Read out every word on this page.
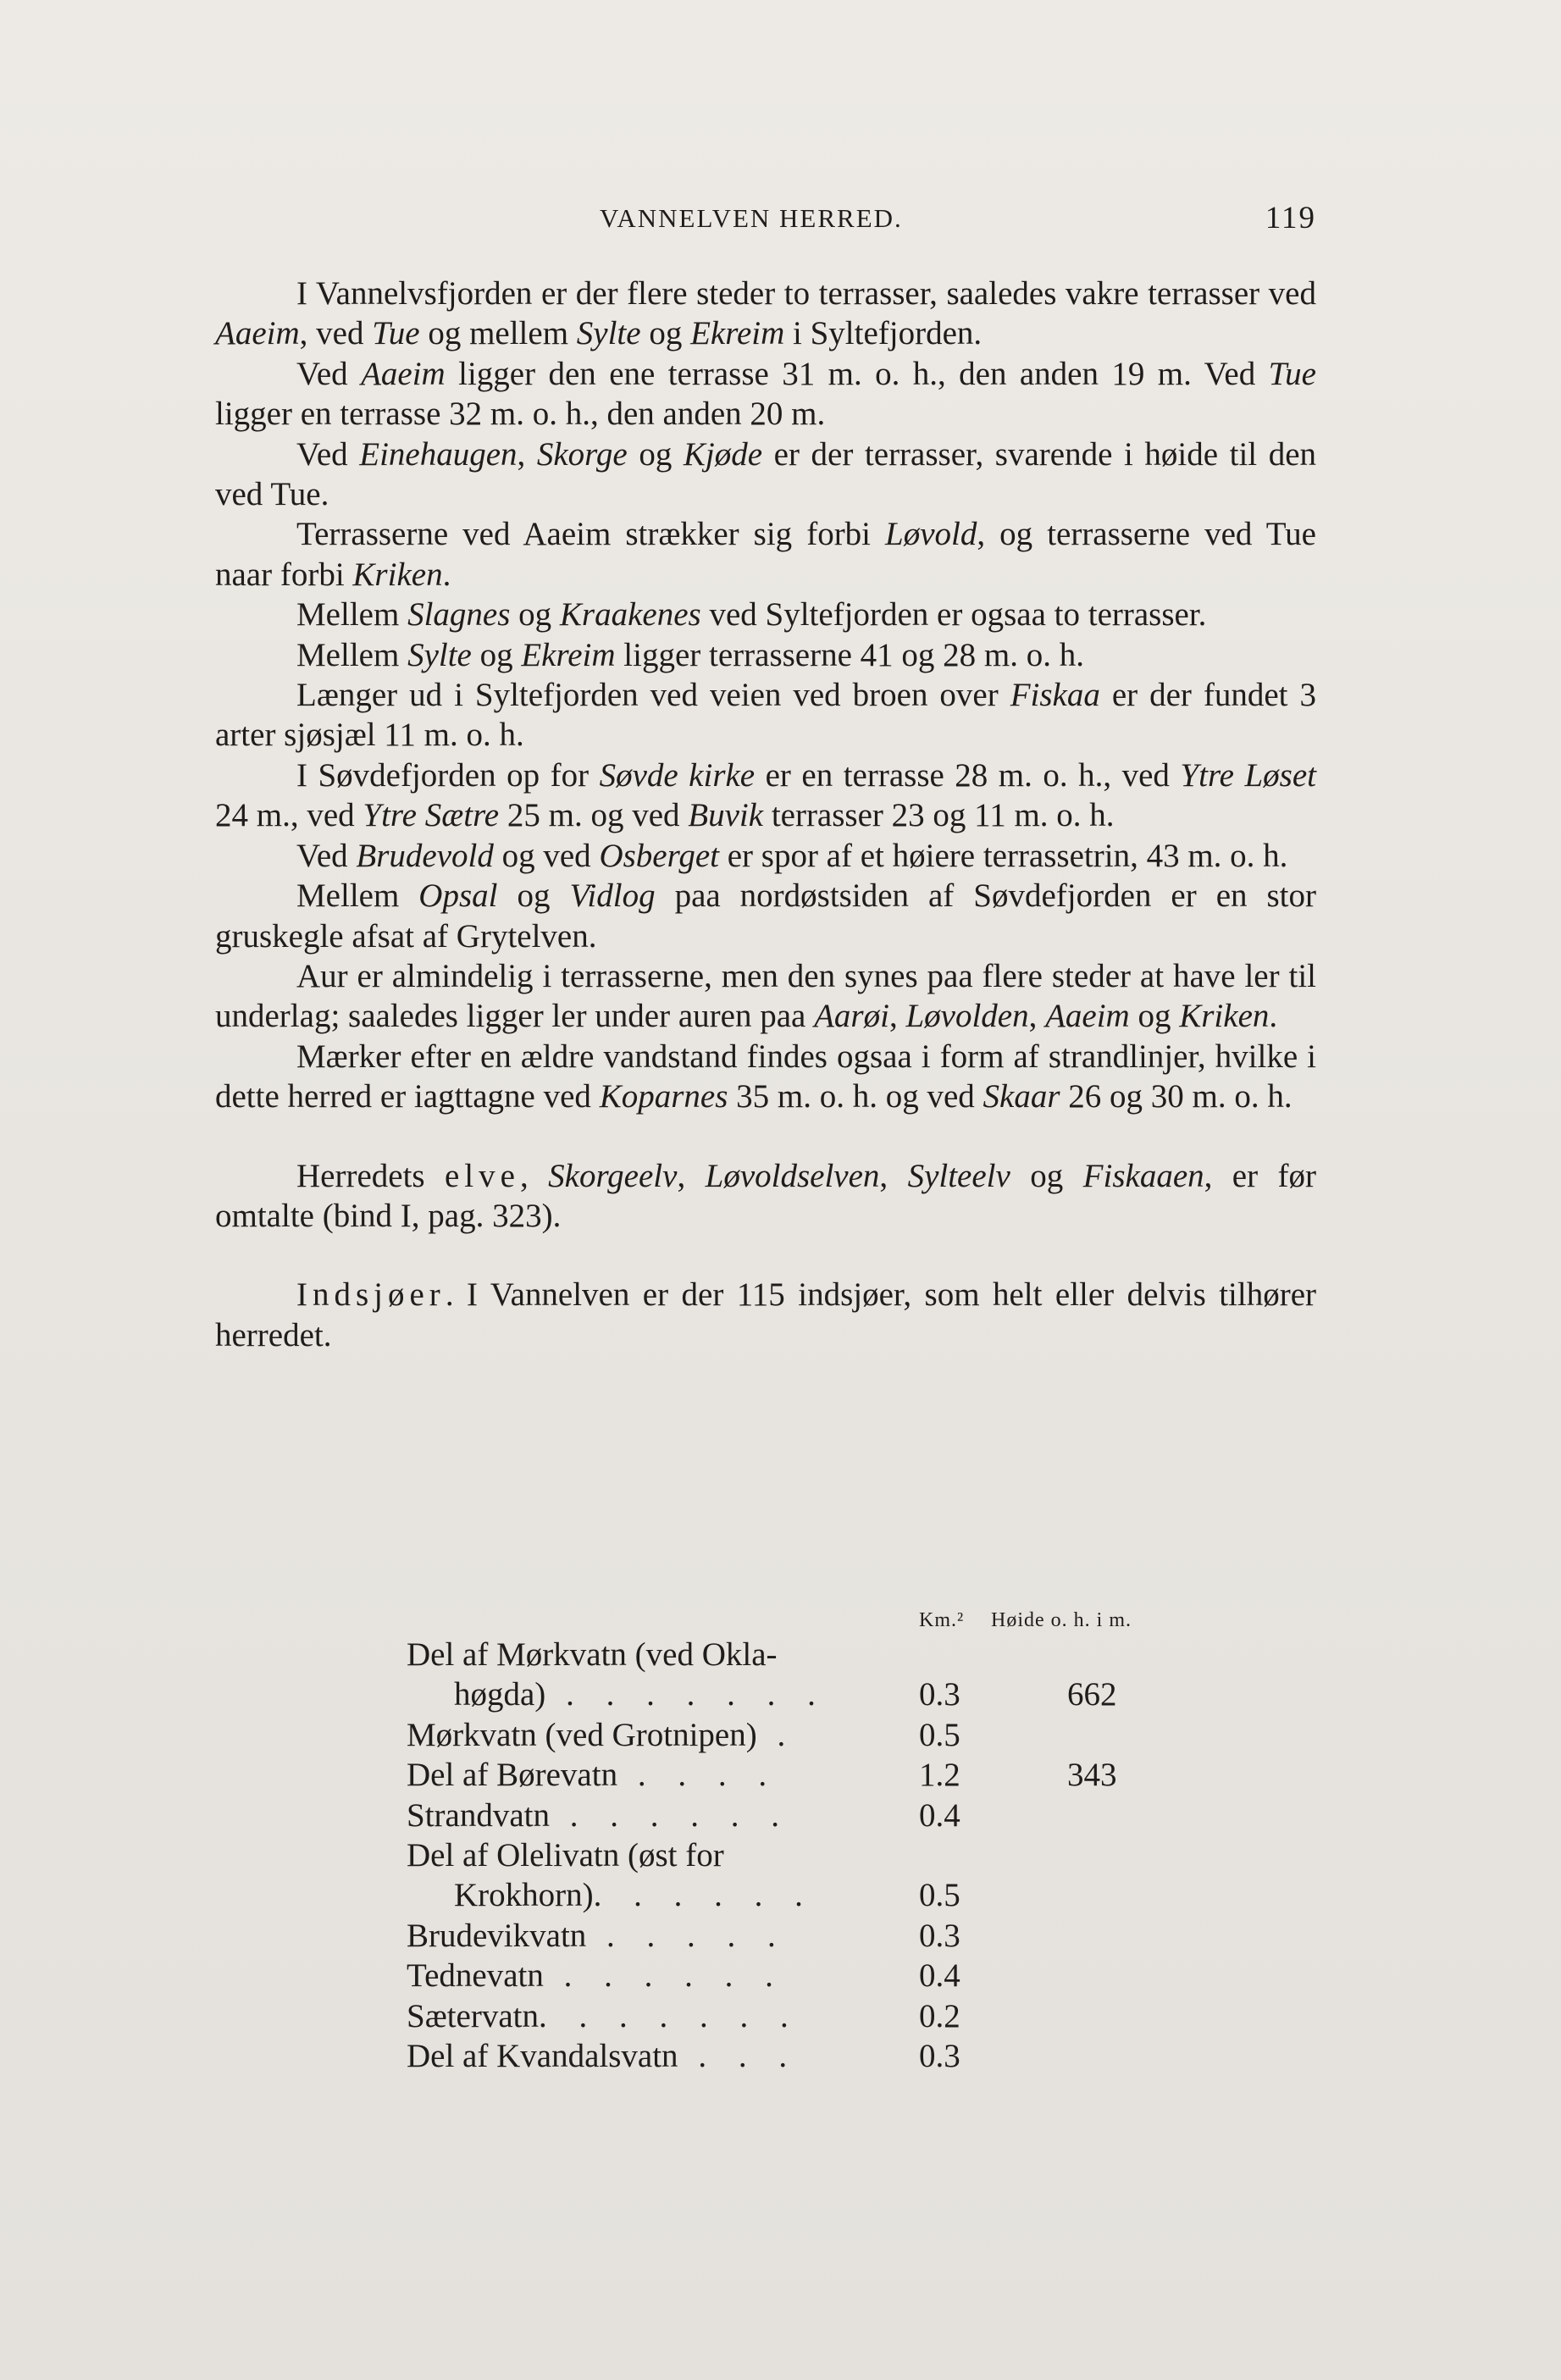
VANNELVEN HERRED.	119

I Vannelvsfjorden er der flere steder to terrasser, saaledes vakre terrasser ved Aaeim, ved Tue og mellem Sylte og Ekreim i Syltefjorden.

Ved Aaeim ligger den ene terrasse 31 m. o. h., den anden 19 m. Ved Tue ligger en terrasse 32 m. o. h., den anden 20 m.

Ved Einehaugen, Skorge og Kjøde er der terrasser, svarende i høide til den ved Tue.

Terrasserne ved Aaeim strækker sig forbi Løvold, og terrasserne ved Tue naar forbi Kriken.

Mellem Slagnes og Kraakenes ved Syltefjorden er ogsaa to terrasser.

Mellem Sylte og Ekreim ligger terrasserne 41 og 28 m. o. h.

Længer ud i Syltefjorden ved veien ved broen over Fiskaa er der fundet 3 arter sjøsjæl 11 m. o. h.

I Søvdefjorden op for Søvde kirke er en terrasse 28 m. o. h., ved Ytre Løset 24 m., ved Ytre Sætre 25 m. og ved Buvik terrasser 23 og 11 m. o. h.

Ved Brudevold og ved Osberget er spor af et høiere terrassetrin, 43 m. o. h.

Mellem Opsal og Vidlog paa nordøstsiden af Søvdefjorden er en stor gruskegle afsat af Grytelven.

Aur er almindelig i terrasserne, men den synes paa flere steder at have ler til underlag; saaledes ligger ler under auren paa Aarøi, Løvolden, Aaeim og Kriken.

Mærker efter en ældre vandstand findes ogsaa i form af strandlinjer, hvilke i dette herred er iagttagne ved Koparnes 35 m. o. h. og ved Skaar 26 og 30 m. o. h.

Herredets elve, Skorgeelv, Løvoldselven, Sylteelv og Fiskaaen, er før omtalte (bind I, pag. 323).

Indsjøer. I Vannelven er der 115 indsjøer, som helt eller delvis tilhører herredet.

Km.² Høide o. h. i m.
Del af Mørkvatn (ved Okla-
høgda) . . . . . . .	0.3	662
Mørkvatn (ved Grotnipen) .	0.5
Del af Børevatn . . . .	1.2	343
Strandvatn . . . . . .	0.4
Del af Olelivatn (øst for
Krokhorn). . . . . .	0.5
Brudevikvatn . . . . .	0.3
Tednevatn . . . . . .	0.4
Sætervatn. . . . . . .	0.2
Del af Kvandalsvatn . . .	0.3
